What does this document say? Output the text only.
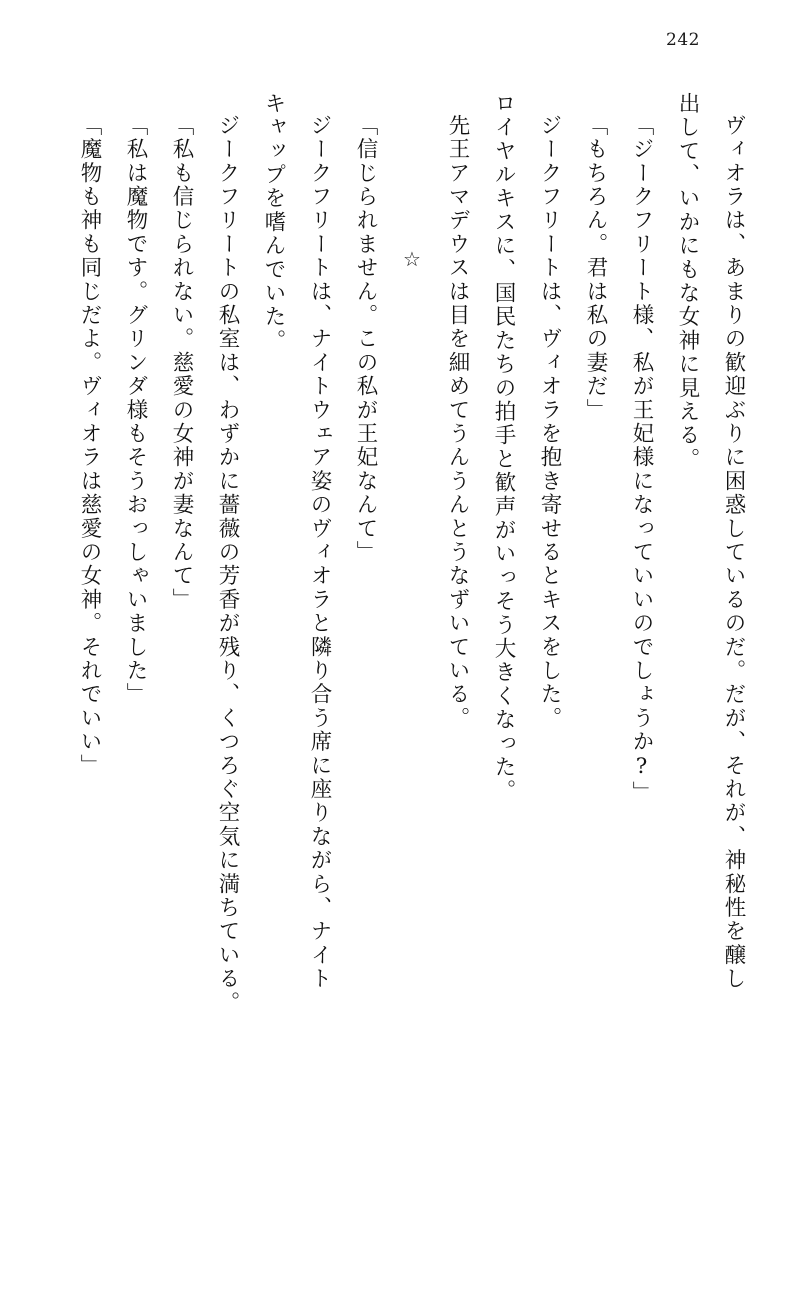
242
ヴィオラは、あまりの歓迎ぶりに困惑しているのだ。だが、それが、神秘性を醸し
出して、いかにもな女神に見える。
「ジークフリート様、私が王妃様になっていいのでしょうか?」
「もちろん。君は私の妻だ」
ジークフリートは、ヴィオラを抱き寄せるとキスをした。
ロイヤルキスに、国民たちの拍手と歓声がいっそう大きくなった。
先王アマデウスは目を細めてうんうんとうなずいている。
☆
「信じられません。この私が王妃なんて」
ジークフリートは、ナイトウェア姿のヴィオラと隣り合う席に座りながら、ナイト
キャップを嗜んでいた。
ジークフリートの私室は、わずかに薔薇の芳香が残り、くつろぐ空気に満ちている。
「私も信じられない。慈愛の女神が妻なんて」
「私は魔物です。グリンダ様もそうおっしゃいました」
「魔物も神も同じだよ。ヴィオラは慈愛の女神。それでいい」
